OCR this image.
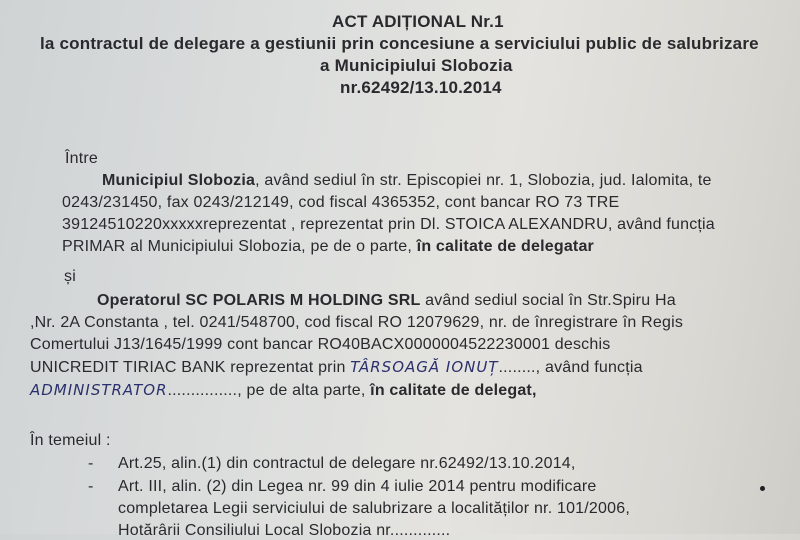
ACT ADIȚIONAL Nr.1
la contractul de delegare a gestiunii prin concesiune a serviciului public de salubrizare
a Municipiului Slobozia
nr.62492/13.10.2014
Între
Municipiul Slobozia, având sediul în str. Episcopiei nr. 1, Slobozia, jud. Ialomita, te
0243/231450, fax 0243/212149, cod fiscal 4365352, cont bancar RO 73 TRE
39124510220xxxxxreprezentat , reprezentat prin Dl. STOICA ALEXANDRU, având funcția
PRIMAR al Municipiului Slobozia, pe de o parte, în calitate de delegatar
și
Operatorul SC POLARIS M HOLDING SRL având sediul social în Str.Spiru Ha
,Nr. 2A Constanta , tel. 0241/548700, cod fiscal RO 12079629, nr. de înregistrare în Regis
Comertului J13/1645/1999 cont bancar RO40BACX0000004522230001 deschis
UNICREDIT TIRIAC BANK reprezentat prin TÂRSOAGĂ IONUȚ........, având funcția
ADMINISTRATOR..............., pe de alta parte, în calitate de delegat,
În temeiul :
- Art.25, alin.(1) din contractul de delegare nr.62492/13.10.2014,
- Art. III, alin. (2) din Legea nr. 99 din 4 iulie 2014 pentru modificare
completarea Legii serviciului de salubrizare a localităților nr. 101/2006,
Hotărârii Consiliului Local Slobozia nr.............
